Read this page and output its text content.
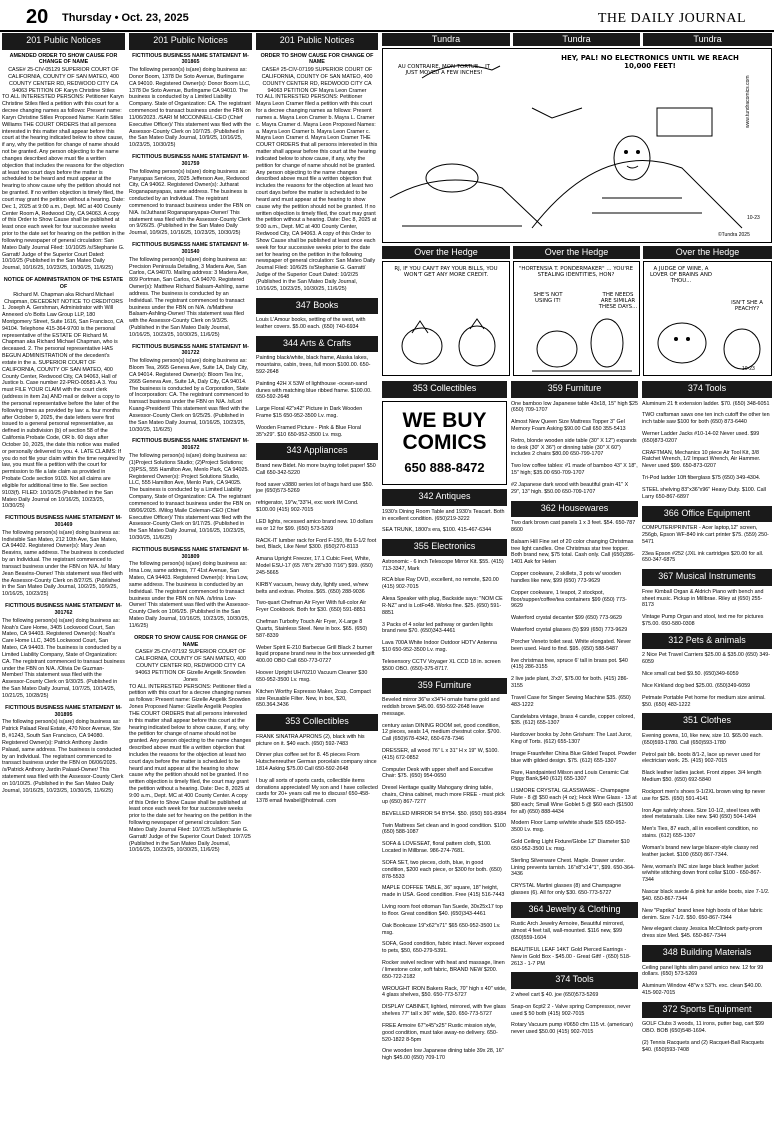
20 Thursday • Oct. 23, 2025	THE DAILY JOURNAL
201 Public Notices
AMENDED ORDER TO SHOW CAUSE FOR CHANGE OF NAME
CASE# 25-CIV-05129 SUPERIOR COURT OF CALIFORNIA, COUNTY OF SAN MATEO, 400 COUNTY CENTER RD, REDWOOD CITY CA 94063 PETITION OF Karyn Christine Stiles
TO ALL INTERESTED PERSONS: Petitioner Karyn Christine Stiles filed a petition with this court for a decree changing names as follows: Present name: Karyn Christine Stiles Proposed Name: Karin Stiles Williams THE COURT ORDERS that all persons interested in this matter shall appear before this court at the hearing indicated below to show cause, if any, why the petition for change of name should not be granted. Any person objecting to the name changes described above must file a written objection that includes the reasons for the objection at least two court days before the matter is scheduled to be heard and must appear at the hearing to show cause why the petition should not be granted. If no written objection is timely filed, the court may grant the petition without a hearing. Date: Dec 1, 2025 at 9:00 a.m., Dept. MC at 400 County Center Room A, Redwood City, CA 94063. A copy of this Order to Show Cause shall be published at least once each week for four successive weeks prior to the date set for hearing on the petition in the following newspaper of general circulation: San Mateo Daily Journal Filed: 10/10/25 /s/Stephanie G. Garratt/ Judge of the Superior Court Dated: 10/10/25 (Published in the San Mateo Daily Journal, 10/16/25, 10/23/25, 10/30/25, 11/6/25)
NOTICE OF ADMINISTRATION OF THE ESTATE OF
Richard M. Chapman aka Richard Michael Chapman, DECEDENT NOTICE TO CREDITORS
1. Joseph A. Gershman, Administrator with Will Annexed c/o Botts Law Group LLP, 180 Montgomery Street, Suite 1616, San Francisco, CA 94104. Telephone 415-364-9700 is the personal representative of the ESTATE OF Richard M. Chapman aka Richard Michael Chapman, who is deceased. 2. The personal representative HAS BEGUN ADMINISTRATION of the decedent's estate in the a. SUPERIOR COURT OF CALIFORNIA, COUNTY OF SAN MATEO, 400 County Center, Redwood City, CA 94063, Hall of Justice b. Case number 22-PRO-00581-A 3. You must FILE YOUR CLAIM with the court clerk (address in item 2a) AND mail or deliver a copy to the personal representative before the later of the following times as provided by law: a. four months after October 9, 2025, the date letters were first issued to a general personal representative, as defined in subdivision (b) of section 58 of the California Probate Code, OR b. 60 days after October 10, 2025, the date this notice was mailed or personally delivered to you. 4. LATE CLAIMS: If you do not file your claim within the time required by law, you must file a petition with the court for permission to file a late claim as provided in Probate Code section 9103. Not all claims are eligible for additional time to file. See section 9103(f). FILED: 10/10/25 (Published in the San Mateo Daily Journal on 10/16/25, 10/23/25, 10/30/25)
FICTITIOUS BUSINESS NAME STATEMENT M-301469
The following person(s) is(are) doing business as: Indivisible San Mateo, 212 10th Ave, San Mateo, CA 94402. Registered Owner(s): Mary Jean Beavins, same address. The business is conducted by an Individual. The registrant commenced to transact business under the FBN on N/A. /s/ Mary Jean Beavins-Owner/ This statement was filed with the Assessor-County Clerk on 8/27/25. (Published in the San Mateo Daily Journal, 10/2/25, 10/9/25, 10/16/25, 10/23/25)
FICTITIOUS BUSINESS NAME STATEMENT M-301762
The following person(s) is(are) doing business as: Noah's Care Home, 3405 Lockwood Court, San Mateo, CA 94403. Registered Owner(s): Noah's Care Home LLC, 3405 Lockwood Court, San Mateo, CA 94403. The business is conducted by a Limited Liability Company, State of Organization: CA. The registrant commenced to transact business under the FBN on N/A. /Olivia De Guzman-Member/ This statement was filed with the Assessor-County Clerk on 9/30/25. (Published in the San Mateo Daily Journal, 10/7/25, 10/14/25, 10/21/25, 10/28/25)
FICTITIOUS BUSINESS NAME STATEMENT M-301895
The following person(s) is(are) doing business as: Patrick Palaad Real Estate, 470 Noor Avenue, Ste B, #1243, South San Francisco, CA 94080. Registered Owner(s): Patrick Anthony Jardin Palaad, same address. The business is conducted by an Individual. The registrant commenced to transact business under the FBN on 06/06/2025. /s/Patrick Anthony Jardin Palaad-Owner/ This statement was filed with the Assessor-County Clerk on 10/10/25. (Published in the San Mateo Daily Journal, 10/16/25, 10/23/25, 10/30/25, 11/6/25)
201 Public Notices
FICTITIOUS BUSINESS NAME STATEMENT M-301865
The following person(s) is(are) doing business as: Donor Boom, 1378 De Soto Avenue, Burlingame CA 94010. Registered Owner(s): Donor Boom LLC, 1378 De Soto Avenue, Burlingame CA 94010. The business is conducted by a Limited Liability Company. State of Organization: CA. The registrant commenced to transact business under the FBN on 11/06/2023. /SARI M MCCONNELL-CEO (Chief Executive Officer)/ This statement was filed with the Assessor-County Clerk on 10/7/25. (Published in the San Mateo Daily Journal, 10/9/25, 10/16/25, 10/23/25, 10/30/25)
FICTITIOUS BUSINESS NAME STATEMENT M-301759
The following person(s) is(are) doing business as: Panyapas Services, 2025 Jefferson Ave, Redwood City, CA 94062. Registered Owner(s): Jutharat Roganapanyapas, same address. The business is conducted by an Individual. The registrant commenced to transact business under the FBN on N/A. /s/Jutharat Roganapanyapas-Owner/ This statement was filed with the Assessor-County Clerk on 9/26/25. (Published in the San Mateo Daily Journal, 10/9/25, 10/16/25, 10/23/25, 10/30/25)
FICTITIOUS BUSINESS NAME STATEMENT M-301540
The following person(s) is(are) doing business as: Precision Peninsula Detailing, 3 Madera Ave, San Carlos, CA 94070. Mailing address: 3 Madera Ave, 809 Portman, San Carlos, CA 94070. Registered Owner(s): Matthew Richard Balsam-Ashling, same address. The business is conducted by an Individual. The registrant commenced to transact business under the FBN on N/A. /s/Matthew Balsam-Ashling-Owner/ This statement was filed with the Assessor-County Clerk on 9/3/25. (Published in the San Mateo Daily Journal, 10/16/25, 10/23/25, 10/30/25, 11/6/25)
FICTITIOUS BUSINESS NAME STATEMENT M-301722
The following person(s) is(are) doing business as: Bloom Tea, 2665 Geneva Ave, Suite 1A, Daly City, CA 94014. Registered Owner(s): Bloom Tea Inc, 2665 Geneva Ave, Suite 1A, Daly City, CA 94014. The business is conducted by a Corporation, State of Incorporation: CA. The registrant commenced to transact business under the FBN on N/A. /s/Lori Kuang-President/ This statement was filed with the Assessor-County Clerk on 9/25/25. (Published in the San Mateo Daily Journal, 10/16/25, 10/23/25, 10/30/25, 11/6/25)
FICTITIOUS BUSINESS NAME STATEMENT M-301672
The following person(s) is(are) doing business as: (1)Project Solutions Studio; (2)Project Solutions; (3)PSS, 555 Hamilton Ave, Menlo Park, CA 94025. Registered Owner(s): Project Solutions Studio, LLC, 555 Hamilton Ave, Menlo Park, CA 94025. The business is conducted by a Limited Liability Company, State of Organization: CA. The registrant commenced to transact business under the FBN on 08/06/2025. /Milog Maile Coleman-CEO (Chief Executive Officer)/ This statement was filed with the Assessor-County Clerk on 9/17/25. (Published in the San Mateo Daily Journal, 10/16/25, 10/23/25, 10/30/25, 11/6/25)
FICTITIOUS BUSINESS NAME STATEMENT M-301809
The following person(s) is(are) doing business as: Irina Low, same address, 77 41st Avenue, San Mateo, CA 94403. Registered Owner(s): Irina Low, same address. The business is conducted by an Individual. The registrant commenced to transact business under the FBN on N/A. /s/Irina Low-Owner/ This statement was filed with the Assessor-County Clerk on 10/6/25. (Published in the San Mateo Daily Journal, 10/16/25, 10/23/25, 10/30/25, 11/6/25)
ORDER TO SHOW CAUSE FOR CHANGE OF NAME
CASE# 25-CIV-07192 SUPERIOR COURT OF CALIFORNIA, COUNTY OF SAN MATEO, 400 COUNTY CENTER RD, REDWOOD CITY CA 94063 PETITION OF Gizelle Angelik Snowden Jones
TO ALL INTERESTED PERSONS: Petitioner filed a petition with this court for a decree changing names as follows: Present name: Gizelle Angelik Snowden Jones Proposed Name: Gizelle Angelik Peoples THE COURT ORDERS that all persons interested in this matter shall appear before this court at the hearing indicated below to show cause, if any, why the petition for change of name should not be granted. Any person objecting to the name changes described above must file a written objection that includes the reasons for the objection at least two court days before the matter is scheduled to be heard and must appear at the hearing to show cause why the petition should not be granted. If no written objection is timely filed, the court may grant the petition without a hearing. Date: Dec 8, 2025 at 9:00 a.m., Dept. MC at 400 County Center. A copy of this Order to Show Cause shall be published at least once each week for four successive weeks prior to the date set for hearing on the petition in the following newspaper of general circulation: San Mateo Daily Journal Filed: 10/7/25 /s/Stephanie G. Garratt/ Judge of the Superior Court Dated: 10/7/25 (Published in the San Mateo Daily Journal, 10/16/25, 10/23/25, 10/30/25, 11/6/25)
201 Public Notices
ORDER TO SHOW CAUSE FOR CHANGE OF NAME
CASE# 25-CIV-07199 SUPERIOR COURT OF CALIFORNIA, COUNTY OF SAN MATEO, 400 COUNTY CENTER RD, REDWOOD CITY CA 94063 PETITION OF Mayra Leon Cramer
TO ALL INTERESTED PERSONS: Petitioner Mayra Leon Cramer filed a petition with this court for a decree changing names as follows: Present names a. Mayra Leon Cramer b. Mayra L. Cramer c. Mayra Cramer d. Mayra Leon Proposed Names: a. Mayra Leon Cramer b. Mayra Leon Cramer c. Mayra Leon Cramer d. Mayra Leon Cramer THE COURT ORDERS that all persons interested in this matter shall appear before this court at the hearing indicated below to show cause, if any, why the petition for change of name should not be granted. Any person objecting to the name changes described above must file a written objection that includes the reasons for the objection at least two court days before the matter is scheduled to be heard and must appear at the hearing to show cause why the petition should not be granted. If no written objection is timely filed, the court may grant the petition without a hearing. Date: Dec 8, 2025 at 9:00 a.m., Dept. MC at 400 County Center, Redwood City, CA 94063. A copy of this Order to Show Cause shall be published at least once each week for four successive weeks prior to the date set for hearing on the petition in the following newspaper of general circulation: San Mateo Daily Journal Filed: 10/6/25 /s/Stephanie G. Garratt/ Judge of the Superior Court Dated: 10/2/25 (Published in the San Mateo Daily Journal, 10/16/25, 10/23/25, 10/30/25, 11/6/25)
347 Books
Louis L'Amour books, settling of the west, with leather covers. $5.00 each. (650) 740-6934
344 Arts & Crafts
Painting black/white, black frame, Alaska lakes, mountains, cabin, trees, full moon $100.00. 650-592-2648
Painting 42H X 53W of lighthouse -ocean-sand dunes with matching blue ribbed frame. $100.00. 650-592-2648
Large Floral 42"x42" Picture in Dark Wooden Frame $15 650-952-3500 Lv. msg.
Wooden Framed Picture - Pink & Blue Floral 35"x29". $10 650-952-3500 Lv. msg.
343 Appliances
Brand new Bidet. No more buying toilet paper! $50 Call 650-342-5220
food saver v3880 series lot of bags hard use $50. joe (650)573-5269
refrigerator, 19"w,"33"H, exc work IM Cond. $100.00 (415) 902-7015
LED lights, recessed amico brand new. 10 dollars ea or 12 for $99. (650) 573-5269
RACK-IT lumber rack for Ford F-150, fits 6-1/2 foot bed, Black, Like New! $300. (650)270-8113
Amana Upright Freezer, 17.1 Cubic Feet, White, Model ESU-17 (65 7/8"x 28"x30 7/16") $99. (650) 245-5665
KIRBY vacuum, heavy duty, lightly used, w/new belts and extras. Photos. $65. (650) 288-9036
Two-quart Chefman Air Fryer With full-color Air Fryer Cookbook. Both for $30. (650) 591-8851
Chefman Turbofry Touch Air Fryer, X-Large 8 Quarts, Stainless Steel. New in box. $65. (650) 587-8339
Weber Spirit E-210 Barbecue Grill Black 2 burner liquid propane brand new in the box unneeded gift 400.00 OBO Call 650-773-0727
Hoover Upright UH70210 Vacuum Cleaner $30 650-952-3500 Lv. msg.
Kitchen Worthy Espresso Maker, 2cup. Compact size Reusable Filter. New, in box, $20, 650.364.3436
353 Collectibles
FRANK SINATRA APRONS (2), black with his picture on it. $40 each. (650) 592-7483
Dinner plus coffee set for 8. 45 pieces From Hutschenreuther German porcelain company since 1814 Asking $75.00 Call 650-592-2648
I buy all sorts of sports cards, collectible items donations appreciated! My son and I have collected cards for 20+ years call me to discuss! 650-458-1378 email hwabel@hotmail. com
Tundra	Tundra	Tundra
HEY, PAL! NO ELECTRONICS UNTIL WE REACH 10,000 FEET!
AU CONTRAIRE, MON TORTUE... IT JUST MOVED A FEW INCHES!
©Tundra 2025
10-23
www.tundracomics.com
Over the Hedge	Over the Hedge	Over the Hedge
RJ, IF YOU CAN'T PAY YOUR BILLS, YOU WON'T GET ANY MORE CREDIT.
"HORTENSIA T. PONDERMAKER" ... YOU'RE STEALING IDENTITIES, HON?
SHE'S NOT USING IT!
THE NEEDS ARE SIMILAR THESE DAYS...
A JUDGE OF WINE, A LOVER OF BRAINS AND THOU...
ISN'T SHE A PEACHY?
10-23
353 Collectibles
WE BUY
COMICS
650 888-8472
342 Antiques
1930's Dining Room Table and 1930's Teacart. Both in excellent condition. (650)219-3222
SEA TRUNK, 1800's era, $100. 415-467-6344
355 Electronics
Astronomic - 6 inch Telescope Mirror Kit. $55. (415) 713-3347, Mark
RCA blue Ray DVD, excellent, no remote, $20.00 (415) 902-7015
Alexa Speaker with plug, Backside says: "NOM CE R-NZ" and is LotFo48. Works fine. $25. (650) 591-8851
3 Packs of 4 solar led pathway or garden lights brand new $70. (650)343-4461
Lava 700A White Indoor Outdoor HDTV Antenna $10 650-952-3500 Lv. msg.
Telesensory CCTV Voyager XL CCD 18 in. screen $500 OBO. (650)-375-8717.
359 Furniture
Beveled mirror 36"w x34"H ornate frame gold and reddish brown $45.00. 650-592-2648 leave message.
century asian DINING ROOM set, good condition, 12 pieces, seats 14, medium chestnut color. $700. Call (650)678-4342, 650-678-7346
DRESSER, all wood 76" L x 31" H x 19" W, $100. (415) 672-0852
Computer Desk with upper shelf and Executive Chair: $75. (650) 954-0650
Drexel Heritage quality Mahogany dining table, chairs, China cabinet, much more FREE - must pick up (650) 867-7277
BEVELLED MIRROR 54 BY54. $50. (650) 591-8984
Twin Mattress Set clean and in good condition. $100 (650) 588-1087
SOFA & LOVESEAT, floral pattern cloth, $100. Located in Millbrae. 986-274-7681.
SOFA SET, two pieces, cloth, blue, in good condition, $200 each piece, or $300 for both. (650) 878-5533
MAPLE COFFEE TABLE, 36" square, 18" height, made in USA. Good condition. Free (415) 516-7443
Living room foot ottoman Tan Suede, 30x25x17 top to floor. Great condition $40. (650)343-4461
Oak Bookcase 19"x62"x71" $65 650-952-3500 Lv. msg.
SOFA, Good condition, fabric intact. Never exposed to pets, $50, 650-279-5391.
Rocker swivel recliner with heat and massage, linen / limestone color, soft fabric, BRAND NEW $200. 650-722-2182
WROUGHT IRON Bakers Rack, 70" high x 40" wide, 4 glass shelves, $50. 650-773-5727
DISPLAY CABINET, lighted, mirrored, with five glass shelves 77" tall x 36" wide, $20. 650-773-5727
FREE Armoire 67"x45"x25" Rustic mission style, good condition, must take away-no delivery. 650-520-1822 8-5pm
One wooden low Japanese dining table 39x 28, 16" high $45.00 (650) 709-170
359 Furniture
One bamboo low Japanese table 43x18, 15" high $25 (650) 709-1707
Almost New Queen Size Mattress Topper 3" Gel Memory Foam Asking $90.00 Call 650 355-5413
Retro, blonde wooden side table (30" X 12") expands to desk (30" X 36") or dinning table (30" X 60") includes 2 chairs $80.00 650-799-1707
Two low coffee tables: #1 made of bamboo 43" X 18", 15" high; $35.00 650-709-1707
#2 Japanese dark wood with beautiful grain 41" X 29", 13" high. $50.00 650-709-1707
362 Housewares
Two dark brown cast panels 1 x 3 feet. $54. 650-787 8600
Balsam Hill Fine set of 20 color changing Christmas tree light candles. One Christmas star tree topper. Both brand new, $75 total. Cash only. Call (650)286-1401 Ask for Helen
Copper cookware, 2 skillets, 3 pots w/ wooden handles like new, $99 (650) 773-9629
Copper cookware, 1 teapot, 2 stockpot, floor/supper/coffee/tea containers $99 (650) 773-9629
Waterford crystal decanter $99 (650) 773-9629
Waterford crystal glasses (5) $99 (650) 773-9629
Porcher Veneto toilet seat. White elongated. Never been used. Hard to find. $95. (650) 588-5487
live christmas tree, spruce 6' tall in brass pot. $40 (415) 286-3155
2 live jade plant, 3'x3', $75.00 for both. (415) 286-3155
Travel Case for Singer Sewing Machine $35. (650) 483-1222
Candelabra vintage, brass 4 candle, copper colored, $35. (612) 655-1307
Hardcover books by John Grisham: The Last Juror, King of Torts. (612) 655-1307
Image Fraunfelter China Blue Gilded Teapot. Powder blue with gilded design. $75. (612) 655-1307
Rare, Handpainted Milson and Louis Ceramic Cat Piggy Bank,$40 (612) 655-1307
LISMORE CRYSTAL GLASSWARE - Champagne Flute - 8 @ $50 each (4 oz); Hock Wine Glass - 13 at $80 each; Small Wine Goblet 5 @ $60 each ($1500 for all) (650) 888-4434
Modern Floor Lamp w/white shade $15 650-952-3500 Lv. msg.
Gold Ceiling Light Fixture/Globe 12" Diameter $10 650-952-3500 Lv. msg.
Sterling Silverware Chest. Maple. Drawer under. Lining prevents tarnish. 16"x8"x14"1", $99. 650-364-3436
CRYSTAL Martini glasses (8) and Champagne glasses (6). All for only $30. 650-773-5727
364 Jewelry & Clothing
Rustic Arch Jewelry Armoire, Beautiful mirrored, almost 4 feet tall, wall-mounted. $116 new, $99 (650)559-1604
BEAUTIFUL LEAF 14KT Gold Pierced Earrings - New in Gold Box - $45.00 - Great Gift! - (650) 518-2613 - 1-7 PM
374 Tools
2 wheel cart $ 40. joe (650)573-5269
Snap-on 6cpt2 2 - Valve spring Compressor, never used $ 50 both (415) 902-7015
Rotary Vacuum pump #0650 cfm 115 vt. (american) never used $50.00 (415) 902-7015
374 Tools
Aluminum 21 ft extension ladder. $70. (650) 348-6051
TWO craftsman saws one ten inch cutoff the other ten inch table saw $100 for both (650) 873-6440
Werner Ladder Jacks #10-14-02 Never used. $99 (650)873-0207
CRAFTMAN, Mechanics 10 piece Air Tool Kit, 3/8 Ratchet Wrench, 1/2 Impact Wrench, Air Hammer. Never used $99. 650-873-0207
Tri-Pod ladder 10ft fiberglass $75 (650) 349-4304.
STEEL shelving 83"x36"x96" Heavy Duty. $100. Call Larry 650-867-6897
366 Office Equipment
COMPUTER/PRINTER - Acer laptop,12" screen, 256gb, Epson WF-840 ink cart printer $75. (559) 250-5471
23ea Epson #252 (JXL ink cartridges $20.00 for all. 650-347-6875
367 Musical Instruments
Free Kimball Organ & Aldrich Piano with bench and sheet music. Pickup in Millbrae. Riley at (650) 255-8173
Vintage Pump Organ and stool, text me for pictures $75.00. 650-580-0308
312 Pets & animals
2 Nice Pet Travel Carriers $25.00 & $35.00 (650) 349-6059
Nice small cat bed $9.50. (650)349-6059
Nice Kirkland dog bed $25.00. (650)349-6059
Petmate Portable Pet home for medium size animal. $50. (650) 483-1222
351 Clothes
Evening gowns, 10, like new, size 10. $65.00 each. (650)593-1780. Call (650)593-1780
Petrol pair blk. boots 8/1-2, lace up never used for electrician work. 25. (415) 902-7015
Black leather ladies jacket. Front zipper. 3/4 length Medium $50. (650) 692-5840
Rockport men's shoes 9-1/2XL brown wing tip never use for $25. (650) 591-4141
Iron Age safety shoes. Size 10-1/2, steel toes with steel metatarsals. Like new. $40 (650) 504-1494
Men's Ties, 87 each, all in excellent condition, no stains. (612) 655-1307
Woman's brand new large blazer-style classy red leather jacket. $100 (650) 867-7344.
New, woman's INC size large black leather jacket w/white stitching down front collar $100 - 650-867-7344
Nascar black suede & pink fur ankle boots, size 7-1/2. $40. 650-867-7344
New "Paprika" brand knee high boots of blue fabric denim. Size 7-1/2. $50. 650-867-7344
New elegant classy Jessica McClintock party-prom dress size Med. $45. 650-867-7344
348 Building Materials
Ceiling panel lights slim panel amico new. 12 for 99 dollars. (650) 573-5269
Aluminum Window 48"w x 53"h. exc. clean $40.00. 415-902-7015
372 Sports Equipment
GOLF Clubs 3 woods, 11 irons, putter bag, cart $99 OBO. BOB (650)548-1694.
(2) Tennis Racquets and (2) Racquet-Ball Racquets $40. (650)593-7408
